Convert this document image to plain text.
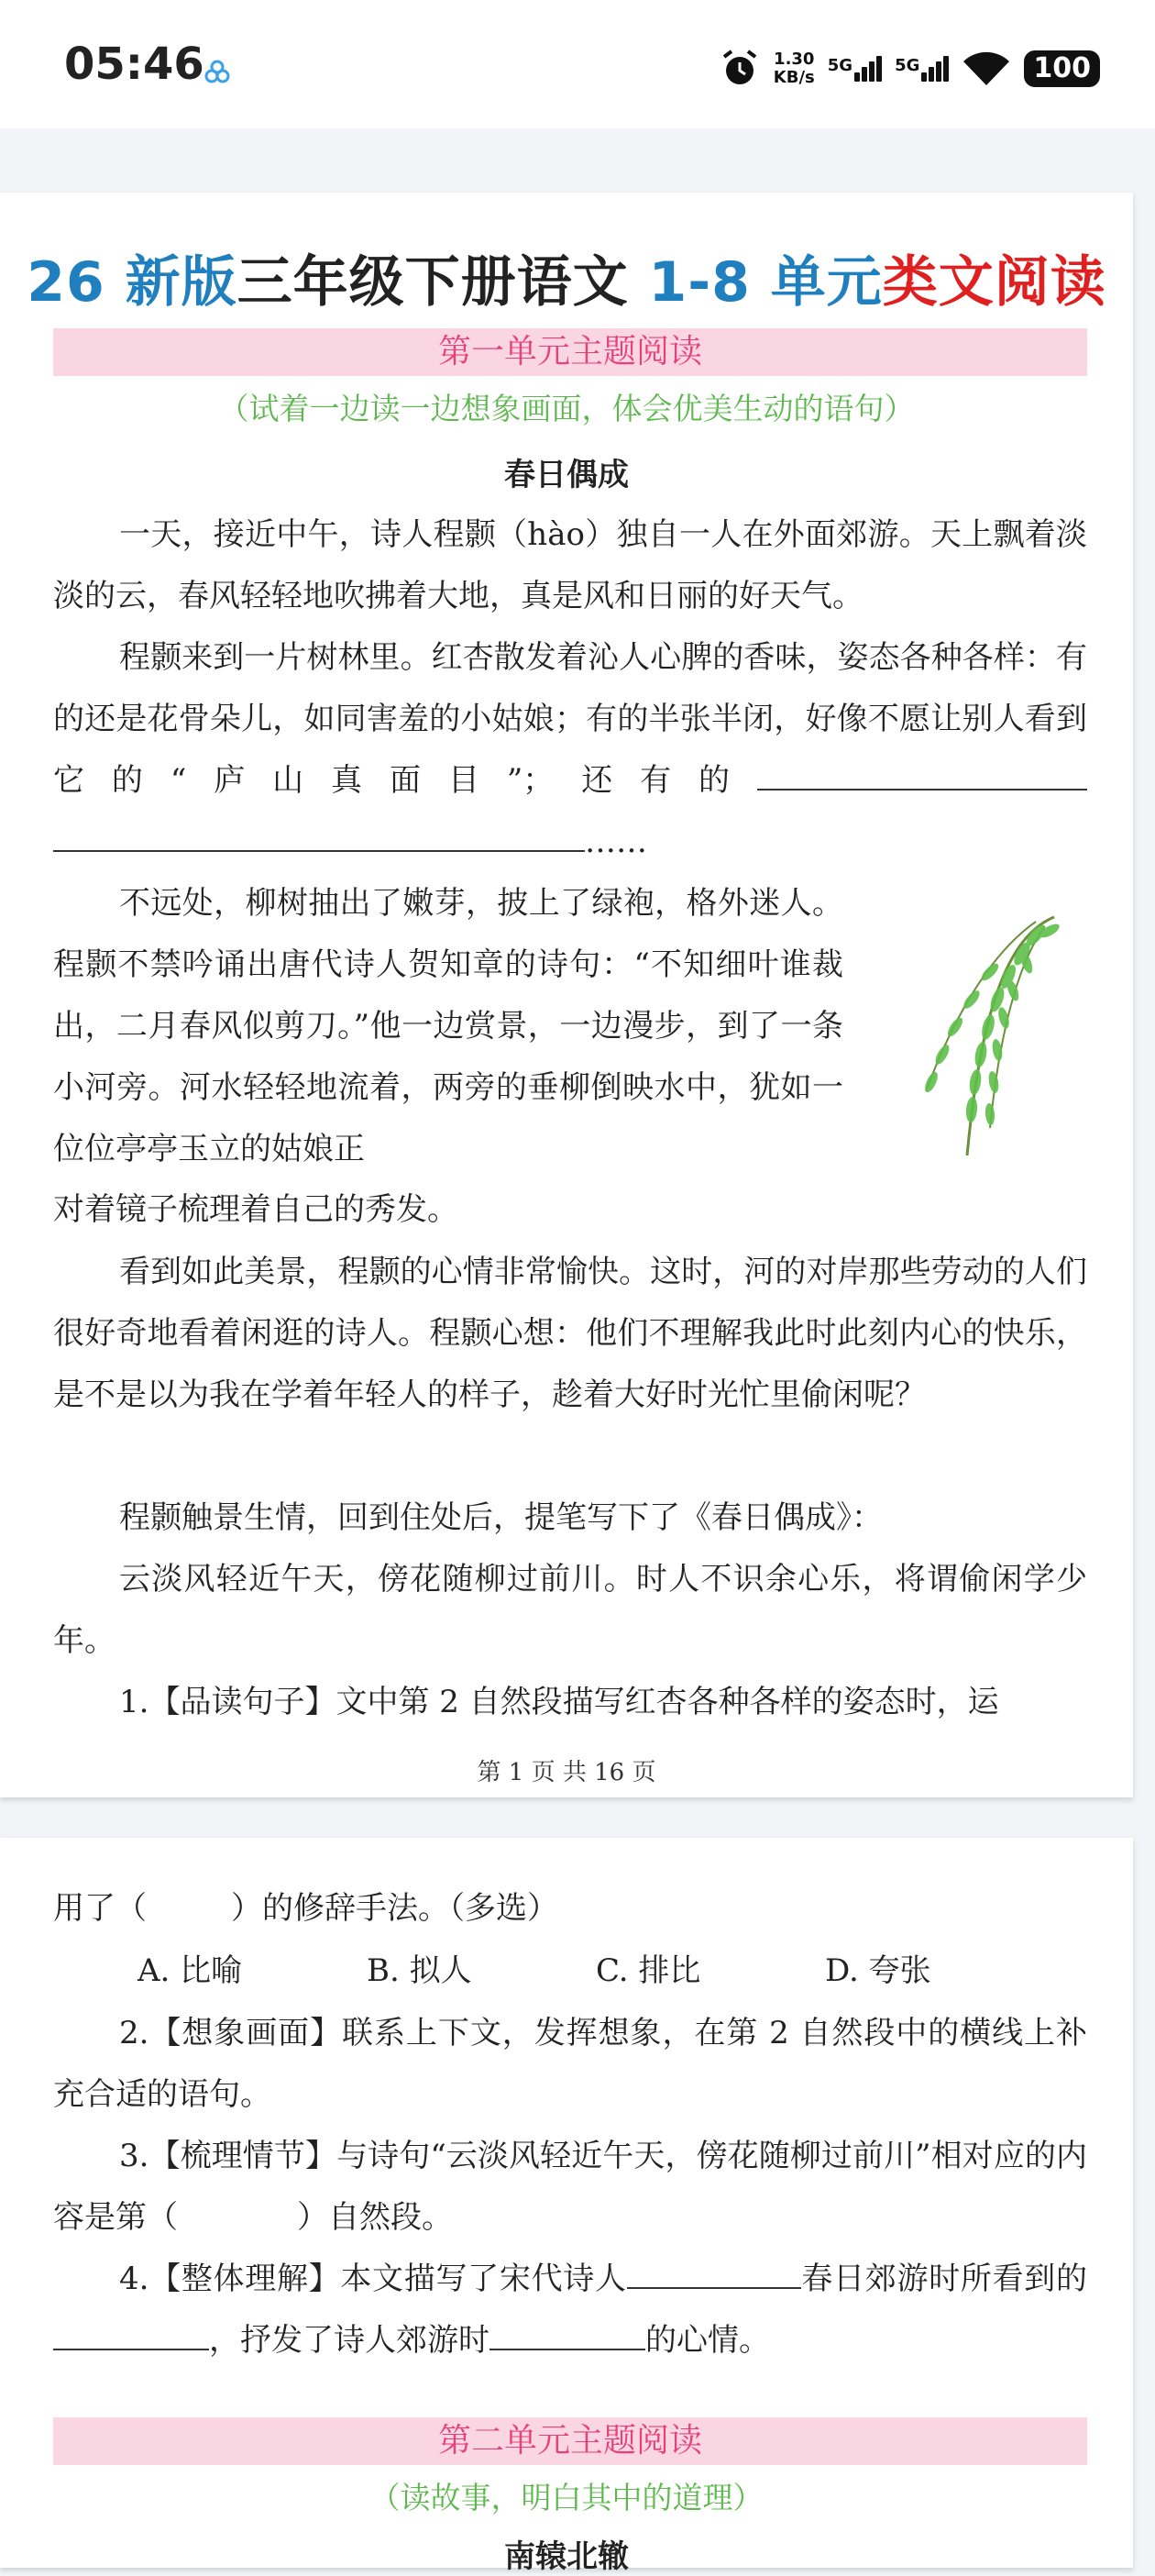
05:46	1.30
KB/s
5G	5G	100
26 新版三年级下册语文 1-8 单元类文阅读
第一单元主题阅读
（试着一边读一边想象画面，体会优美生动的语句）
春日偶成

一天，接近中午，诗人程颢（hào）独自一人在外面郊游。天上飘着淡淡的云，春风轻轻地吹拂着大地，真是风和日丽的好天气。

程颢来到一片树林里。红杏散发着沁人心脾的香味，姿态各种各样：有的还是花骨朵儿，如同害羞的小姑娘；有的半张半闭，好像不愿让别人看到它的“庐山真面目”；还有的……

不远处，柳树抽出了嫩芽，披上了绿袍，格外迷人。程颢不禁吟诵出唐代诗人贺知章的诗句：“不知细叶谁裁出，二月春风似剪刀。”他一边赏景，一边漫步，到了一条小河旁。河水轻轻地流着，两旁的垂柳倒映水中，犹如一位位亭亭玉立的姑娘正

对着镜子梳理着自己的秀发。

看到如此美景，程颢的心情非常愉快。这时，河的对岸那些劳动的人们很好奇地看着闲逛的诗人。程颢心想：他们不理解我此时此刻内心的快乐，是不是以为我在学着年轻人的样子，趁着大好时光忙里偷闲呢？

程颢触景生情，回到住处后，提笔写下了《春日偶成》：

云淡风轻近午天，傍花随柳过前川。时人不识余心乐，将谓偷闲学少年。

1.【品读句子】文中第 2 自然段描写红杏各种各样的姿态时，运

第 1 页 共 16 页

用了（	）的修辞手法。（多选）

A. 比喻	B. 拟人	C. 排比	D. 夸张

2.【想象画面】联系上下文，发挥想象，在第 2 自然段中的横线上补充合适的语句。

3.【梳理情节】与诗句“云淡风轻近午天，傍花随柳过前川”相对应的内容是第（	）自然段。

4.【整体理解】本文描写了宋代诗人	春日郊游时所看到的，抒发了诗人郊游时	的心情。

第二单元主题阅读
（读故事，明白其中的道理）
南辕北辙
